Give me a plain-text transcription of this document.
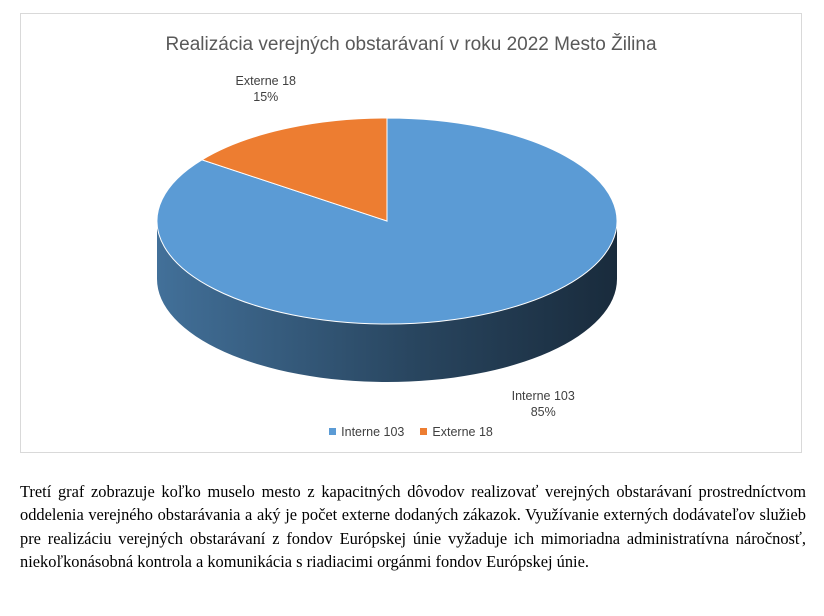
Realizácia verejných obstarávaní v roku 2022 Mesto Žilina
Interne 103
85%
Externe 18
15%
Interne 103 Externe 18

Tretí graf zobrazuje koľko muselo mesto z kapacitných dôvodov realizovať verejných obstarávaní prostredníctvom oddelenia verejného obstarávania a aký je počet externe dodaných zákazok. Využívanie externých dodávateľov služieb pre realizáciu verejných obstarávaní z fondov Európskej únie vyžaduje ich mimoriadna administratívna náročnosť, niekoľkonásobná kontrola a komunikácia s riadiacimi orgánmi fondov Európskej únie.
